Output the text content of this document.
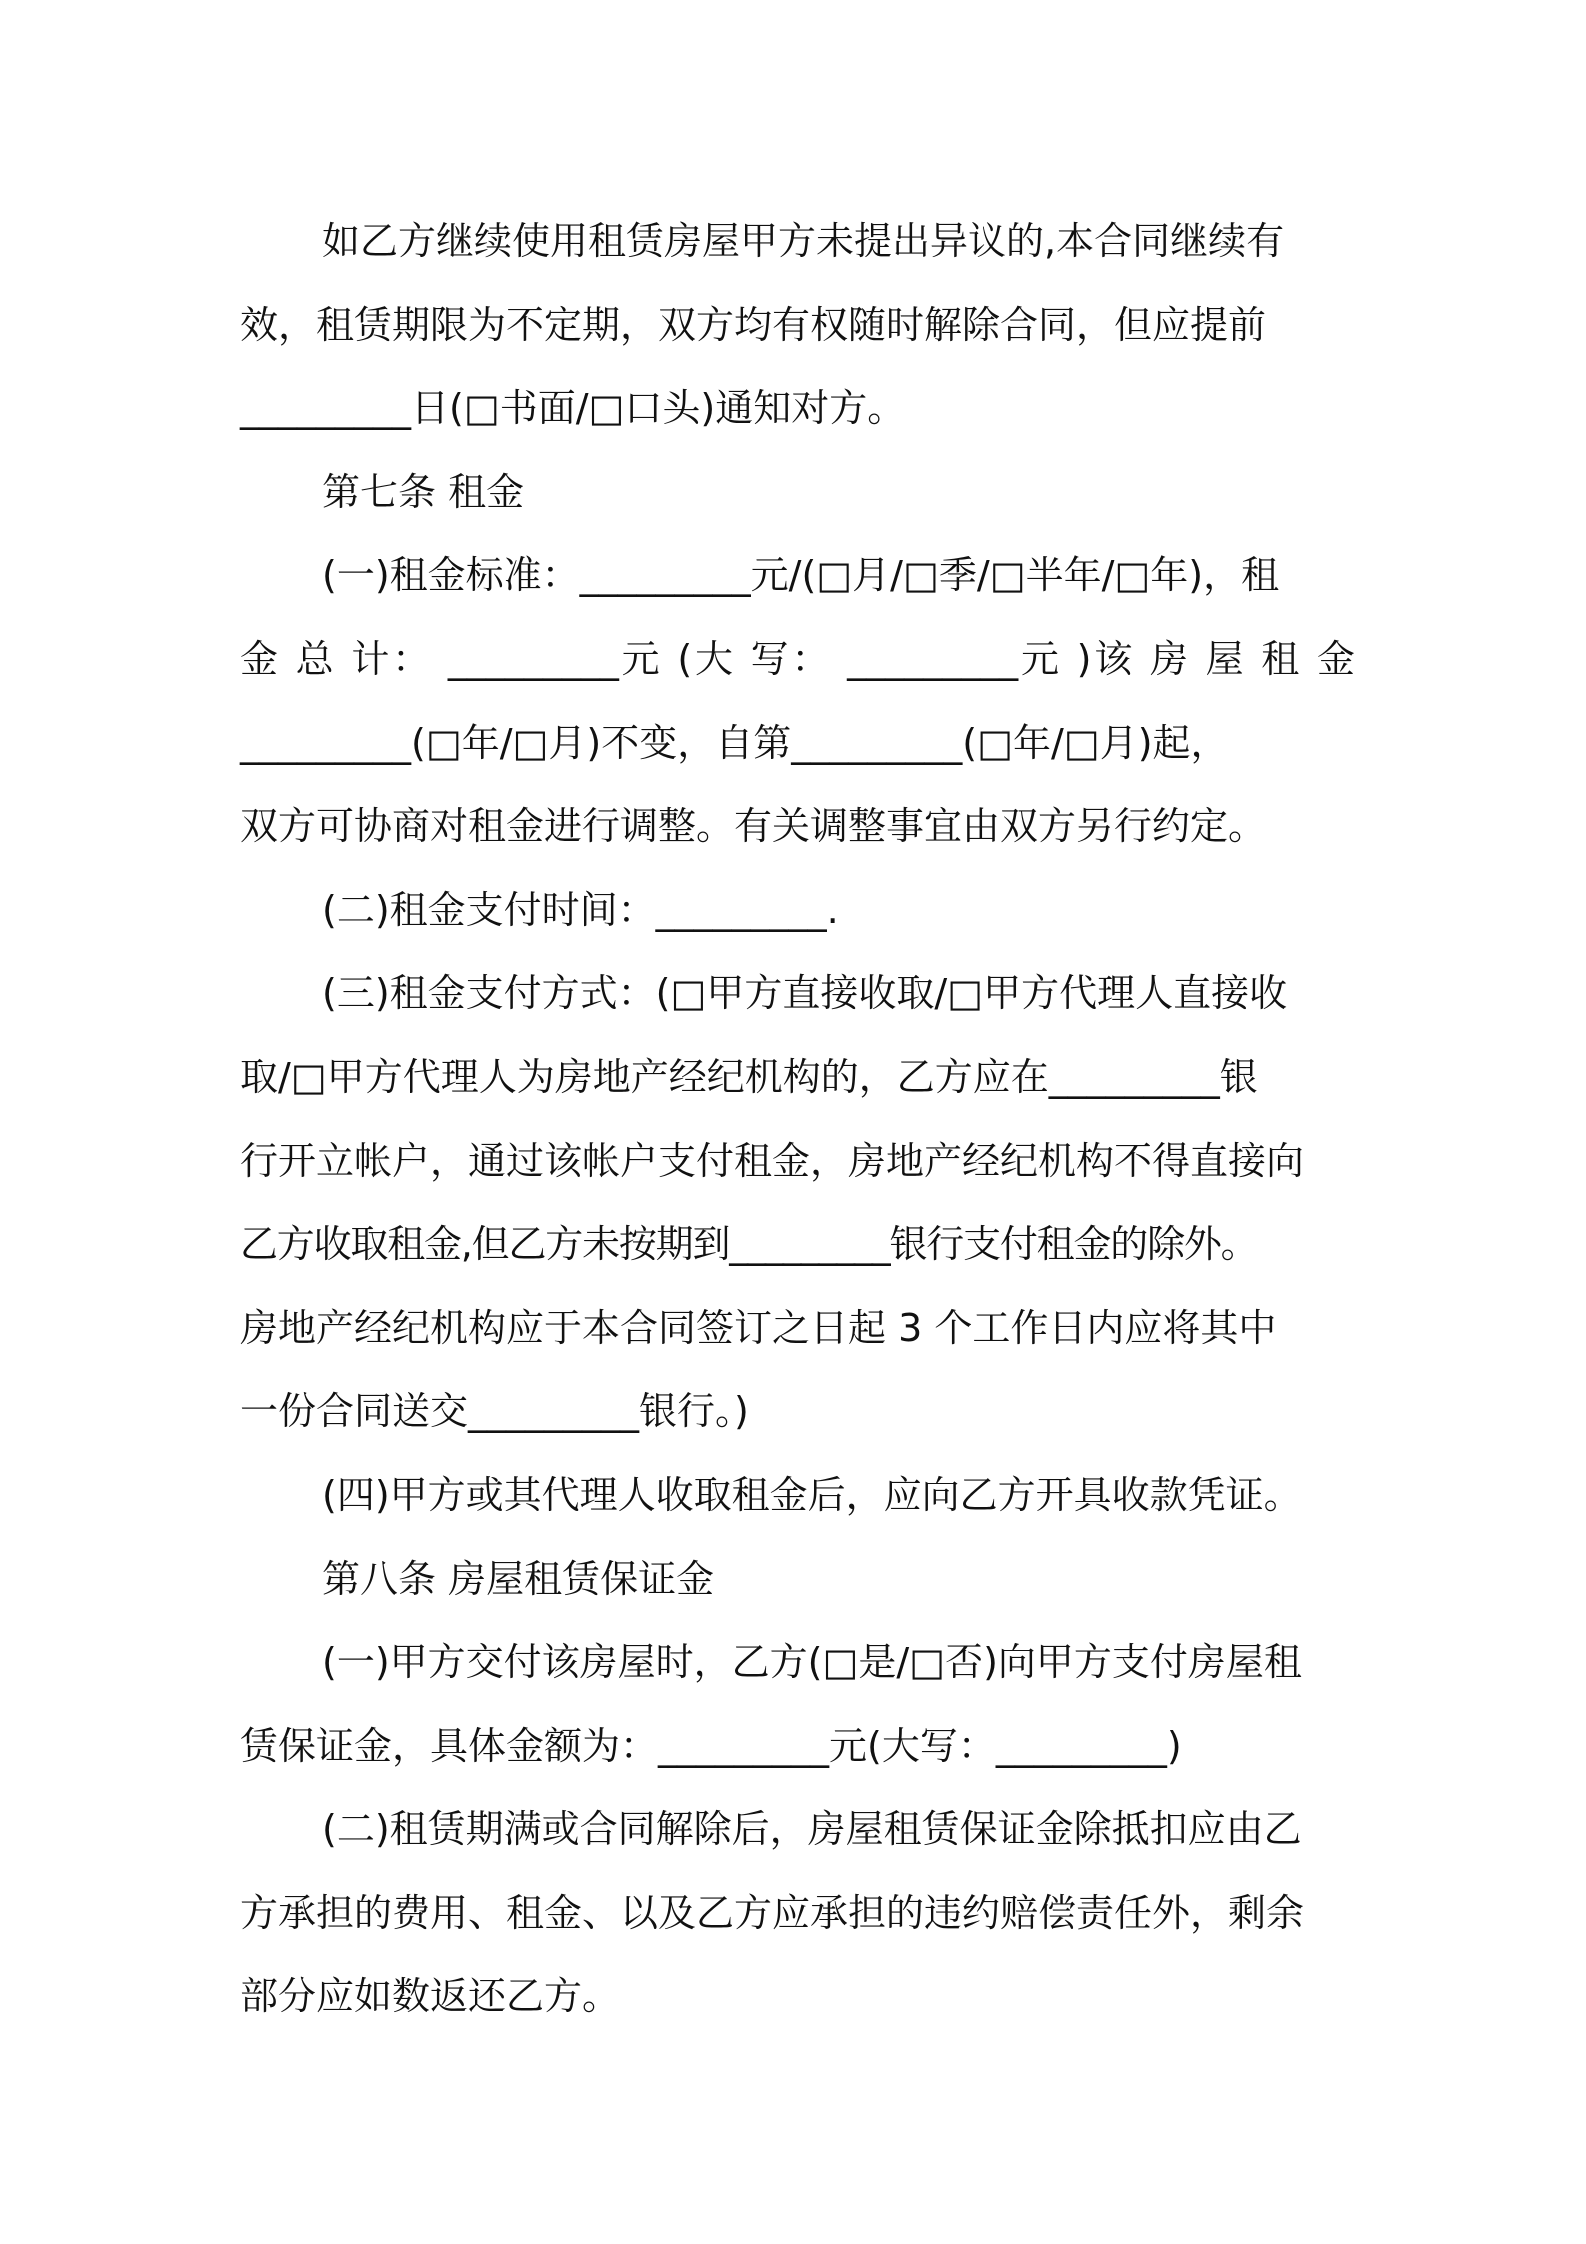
如乙方继续使用租赁房屋甲方未提出异议的,本合同继续有
效，租赁期限为不定期，双方均有权随时解除合同，但应提前
_________日(□书面/□口头)通知对方。
第七条 租金
(一)租金标准：_________元/(□月/□季/□半年/□年)，租
金 总 计： _________元 (大 写： _________元 )该 房 屋 租 金
_________(□年/□月)不变，自第_________(□年/□月)起，
双方可协商对租金进行调整。有关调整事宜由双方另行约定。
(二)租金支付时间：_________.
(三)租金支付方式：(□甲方直接收取/□甲方代理人直接收
取/□甲方代理人为房地产经纪机构的，乙方应在_________银
行开立帐户，通过该帐户支付租金，房地产经纪机构不得直接向
乙方收取租金,但乙方未按期到_________银行支付租金的除外。
房地产经纪机构应于本合同签订之日起 3 个工作日内应将其中
一份合同送交_________银行。)
(四)甲方或其代理人收取租金后，应向乙方开具收款凭证。
第八条 房屋租赁保证金
(一)甲方交付该房屋时，乙方(□是/□否)向甲方支付房屋租
赁保证金，具体金额为：_________元(大写：_________)
(二)租赁期满或合同解除后，房屋租赁保证金除抵扣应由乙
方承担的费用、租金、以及乙方应承担的违约赔偿责任外，剩余
部分应如数返还乙方。
